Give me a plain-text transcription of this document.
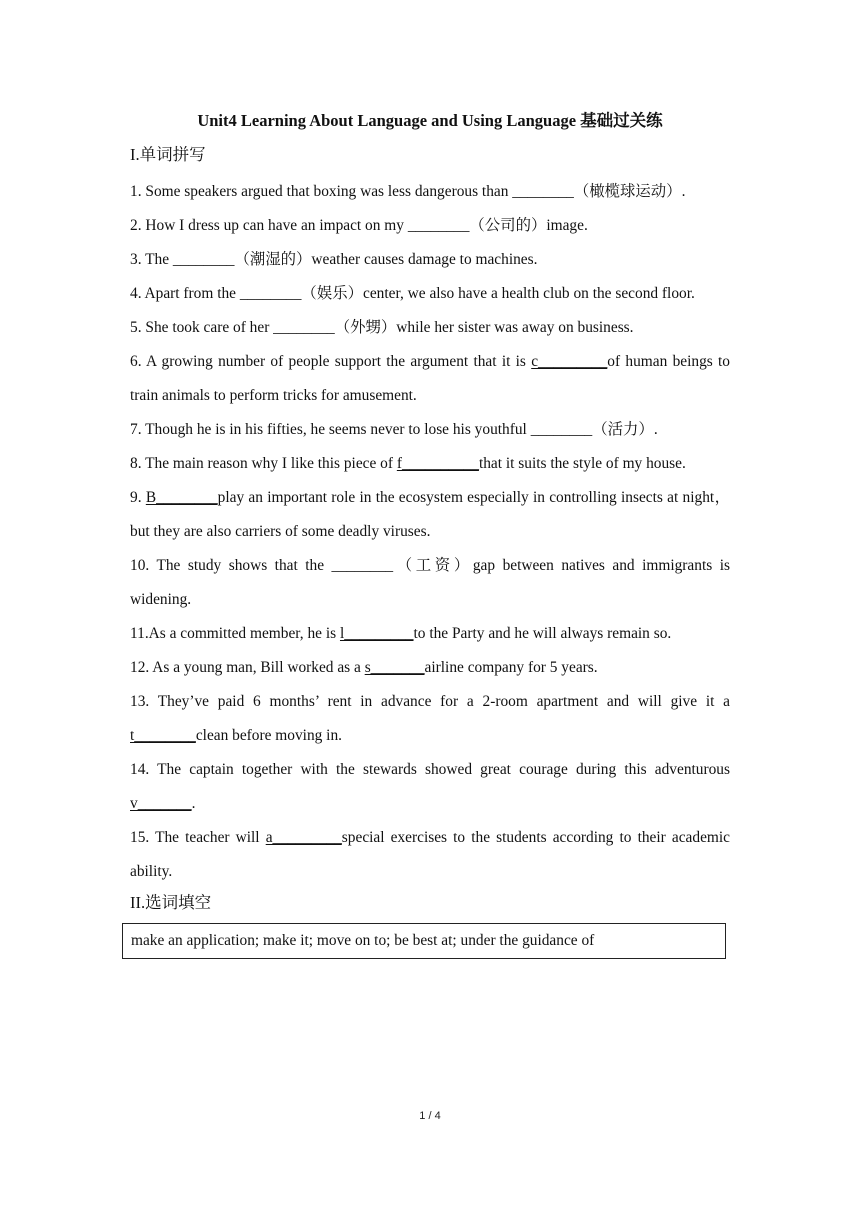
Unit4 Learning About Language and Using Language 基础过关练
I.单词拼写

1. Some speakers argued that boxing was less dangerous than ________（橄榄球运动）.

2. How I dress up can have an impact on my ________（公司的）image.

3. The ________（潮湿的）weather causes damage to machines.

4. Apart from the ________（娱乐）center, we also have a health club on the second floor.

5. She took care of her ________（外甥）while her sister was away on business.

6. A growing number of people support the argument that it is c_________of human beings to train animals to perform tricks for amusement.

7. Though he is in his fifties, he seems never to lose his youthful ________（活力）.

8. The main reason why I like this piece of f__________that it suits the style of my house.

9. B________play an important role in the ecosystem especially in controlling insects at night，but they are also carriers of some deadly viruses.

10. The study shows that the ________（工资）gap between natives and immigrants is widening.

11.As a committed member, he is l_________to the Party and he will always remain so.

12. As a young man, Bill worked as a s_______airline company for 5 years.

13. They’ve paid 6 months’ rent in advance for a 2-room apartment and will give it a t________clean before moving in.

14. The captain together with the stewards showed great courage during this adventurous v_______.

15. The teacher will a_________special exercises to the students according to their academic ability.

II.选词填空
make an application; make it; move on to; be best at; under the guidance of
1 / 4
